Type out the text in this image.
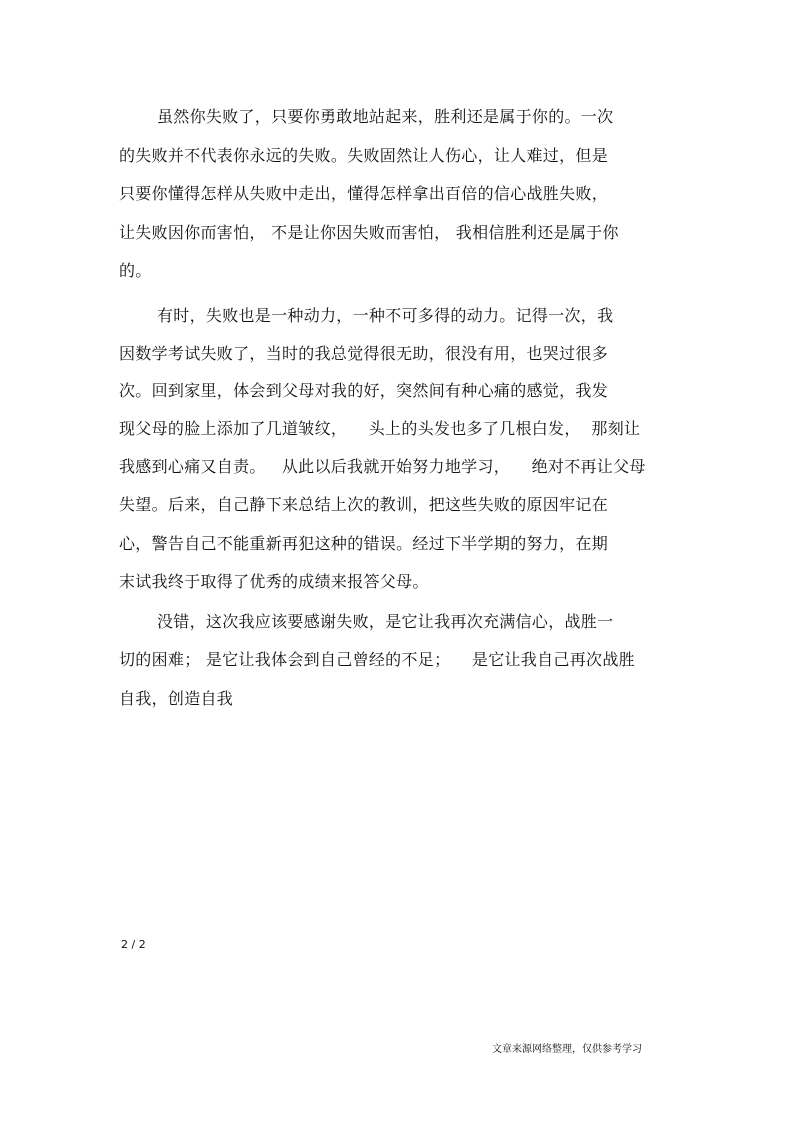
虽然你失败了，只要你勇敢地站起来，胜利还是属于你的。一次
的失败并不代表你永远的失败。失败固然让人伤心，让人难过，但是
只要你懂得怎样从失败中走出，懂得怎样拿出百倍的信心战胜失败，
让失败因你而害怕， 不是让你因失败而害怕， 我相信胜利还是属于你
的。
有时，失败也是一种动力，一种不可多得的动力。记得一次，我
因数学考试失败了，当时的我总觉得很无助，很没有用，也哭过很多
次。回到家里，体会到父母对我的好，突然间有种心痛的感觉，我发
现父母的脸上添加了几道皱纹，    头上的头发也多了几根白发，  那刻让
我感到心痛又自责。   从此以后我就开始努力地学习，    绝对不再让父母
失望。后来，自己静下来总结上次的教训，把这些失败的原因牢记在
心，警告自己不能重新再犯这种的错误。经过下半学期的努力，在期
末试我终于取得了优秀的成绩来报答父母。
没错，这次我应该要感谢失败，是它让我再次充满信心，战胜一
切的困难； 是它让我体会到自己曾经的不足；    是它让我自己再次战胜
自我，创造自我
2 / 2
文章来源网络整理，仅供参考学习
